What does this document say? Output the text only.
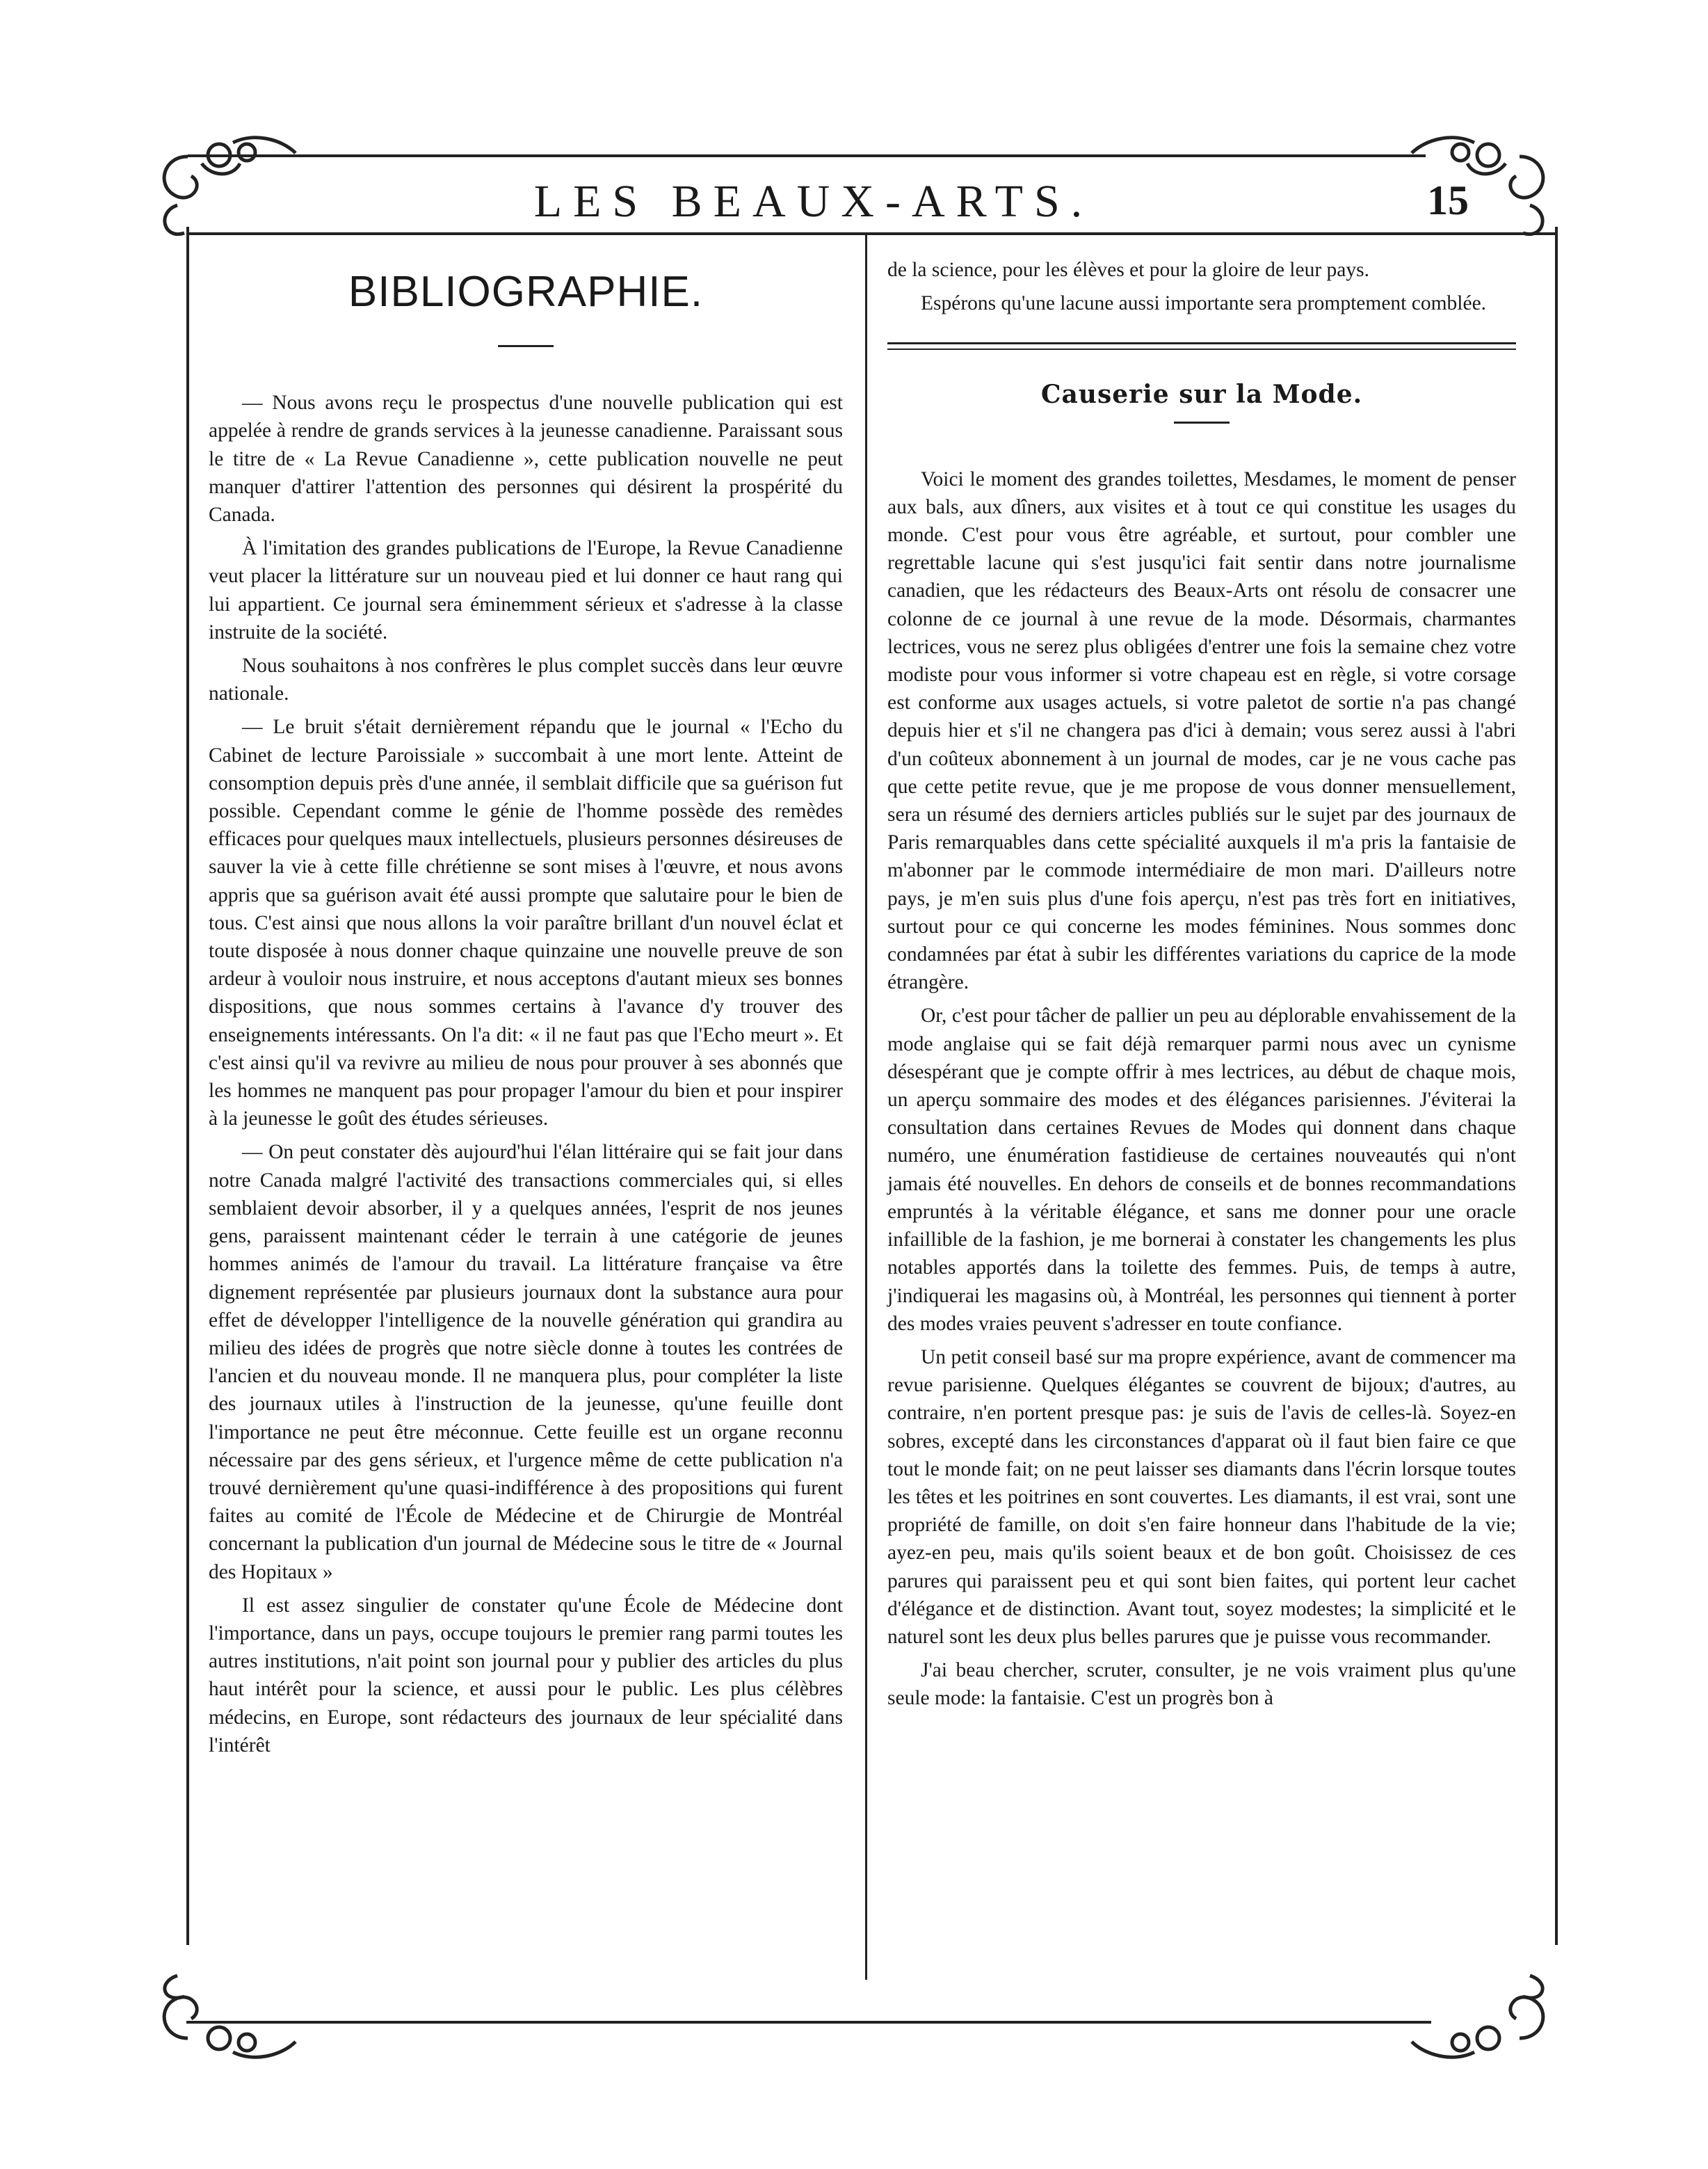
LES BEAUX-ARTS.	15
BIBLIOGRAPHIE.

— Nous avons reçu le prospectus d'une nouvelle publication qui est appelée à rendre de grands services à la jeunesse canadienne. Paraissant sous le titre de « La Revue Canadienne », cette publication nouvelle ne peut manquer d'attirer l'attention des personnes qui désirent la prospérité du Canada.

À l'imitation des grandes publications de l'Europe, la Revue Canadienne veut placer la littérature sur un nouveau pied et lui donner ce haut rang qui lui appartient. Ce journal sera éminemment sérieux et s'adresse à la classe instruite de la société.

Nous souhaitons à nos confrères le plus complet succès dans leur œuvre nationale.

— Le bruit s'était dernièrement répandu que le journal « l'Echo du Cabinet de lecture Paroissiale » succombait à une mort lente. Atteint de consomption depuis près d'une année, il semblait difficile que sa guérison fut possible. Cependant comme le génie de l'homme possède des remèdes efficaces pour quelques maux intellectuels, plusieurs personnes désireuses de sauver la vie à cette fille chrétienne se sont mises à l'œuvre, et nous avons appris que sa guérison avait été aussi prompte que salutaire pour le bien de tous. C'est ainsi que nous allons la voir paraître brillant d'un nouvel éclat et toute disposée à nous donner chaque quinzaine une nouvelle preuve de son ardeur à vouloir nous instruire, et nous acceptons d'autant mieux ses bonnes dispositions, que nous sommes certains à l'avance d'y trouver des enseignements intéressants. On l'a dit: « il ne faut pas que l'Echo meurt ». Et c'est ainsi qu'il va revivre au milieu de nous pour prouver à ses abonnés que les hommes ne manquent pas pour propager l'amour du bien et pour inspirer à la jeunesse le goût des études sérieuses.

— On peut constater dès aujourd'hui l'élan littéraire qui se fait jour dans notre Canada malgré l'activité des transactions commerciales qui, si elles semblaient devoir absorber, il y a quelques années, l'esprit de nos jeunes gens, paraissent maintenant céder le terrain à une catégorie de jeunes hommes animés de l'amour du travail. La littérature française va être dignement représentée par plusieurs journaux dont la substance aura pour effet de développer l'intelligence de la nouvelle génération qui grandira au milieu des idées de progrès que notre siècle donne à toutes les contrées de l'ancien et du nouveau monde. Il ne manquera plus, pour compléter la liste des journaux utiles à l'instruction de la jeunesse, qu'une feuille dont l'importance ne peut être méconnue. Cette feuille est un organe reconnu nécessaire par des gens sérieux, et l'urgence même de cette publication n'a trouvé dernièrement qu'une quasi-indifférence à des propositions qui furent faites au comité de l'École de Médecine et de Chirurgie de Montréal concernant la publication d'un journal de Médecine sous le titre de « Journal des Hopitaux »

Il est assez singulier de constater qu'une École de Médecine dont l'importance, dans un pays, occupe toujours le premier rang parmi toutes les autres institutions, n'ait point son journal pour y publier des articles du plus haut intérêt pour la science, et aussi pour le public. Les plus célèbres médecins, en Europe, sont rédacteurs des journaux de leur spécialité dans l'intérêt

de la science, pour les élèves et pour la gloire de leur pays.

Espérons qu'une lacune aussi importante sera promptement comblée.

Causerie sur la Mode.

Voici le moment des grandes toilettes, Mesdames, le moment de penser aux bals, aux dîners, aux visites et à tout ce qui constitue les usages du monde. C'est pour vous être agréable, et surtout, pour combler une regrettable lacune qui s'est jusqu'ici fait sentir dans notre journalisme canadien, que les rédacteurs des Beaux-Arts ont résolu de consacrer une colonne de ce journal à une revue de la mode. Désormais, charmantes lectrices, vous ne serez plus obligées d'entrer une fois la semaine chez votre modiste pour vous informer si votre chapeau est en règle, si votre corsage est conforme aux usages actuels, si votre paletot de sortie n'a pas changé depuis hier et s'il ne changera pas d'ici à demain; vous serez aussi à l'abri d'un coûteux abonnement à un journal de modes, car je ne vous cache pas que cette petite revue, que je me propose de vous donner mensuellement, sera un résumé des derniers articles publiés sur le sujet par des journaux de Paris remarquables dans cette spécialité auxquels il m'a pris la fantaisie de m'abonner par le commode intermédiaire de mon mari. D'ailleurs notre pays, je m'en suis plus d'une fois aperçu, n'est pas très fort en initiatives, surtout pour ce qui concerne les modes féminines. Nous sommes donc condamnées par état à subir les différentes variations du caprice de la mode étrangère.

Or, c'est pour tâcher de pallier un peu au déplorable envahissement de la mode anglaise qui se fait déjà remarquer parmi nous avec un cynisme désespérant que je compte offrir à mes lectrices, au début de chaque mois, un aperçu sommaire des modes et des élégances parisiennes. J'éviterai la consultation dans certaines Revues de Modes qui donnent dans chaque numéro, une énumération fastidieuse de certaines nouveautés qui n'ont jamais été nouvelles. En dehors de conseils et de bonnes recommandations empruntés à la véritable élégance, et sans me donner pour une oracle infaillible de la fashion, je me bornerai à constater les changements les plus notables apportés dans la toilette des femmes. Puis, de temps à autre, j'indiquerai les magasins où, à Montréal, les personnes qui tiennent à porter des modes vraies peuvent s'adresser en toute confiance.

Un petit conseil basé sur ma propre expérience, avant de commencer ma revue parisienne. Quelques élégantes se couvrent de bijoux; d'autres, au contraire, n'en portent presque pas: je suis de l'avis de celles-là. Soyez-en sobres, excepté dans les circonstances d'apparat où il faut bien faire ce que tout le monde fait; on ne peut laisser ses diamants dans l'écrin lorsque toutes les têtes et les poitrines en sont couvertes. Les diamants, il est vrai, sont une propriété de famille, on doit s'en faire honneur dans l'habitude de la vie; ayez-en peu, mais qu'ils soient beaux et de bon goût. Choisissez de ces parures qui paraissent peu et qui sont bien faites, qui portent leur cachet d'élégance et de distinction. Avant tout, soyez modestes; la simplicité et le naturel sont les deux plus belles parures que je puisse vous recommander.

J'ai beau chercher, scruter, consulter, je ne vois vraiment plus qu'une seule mode: la fantaisie. C'est un progrès bon à
